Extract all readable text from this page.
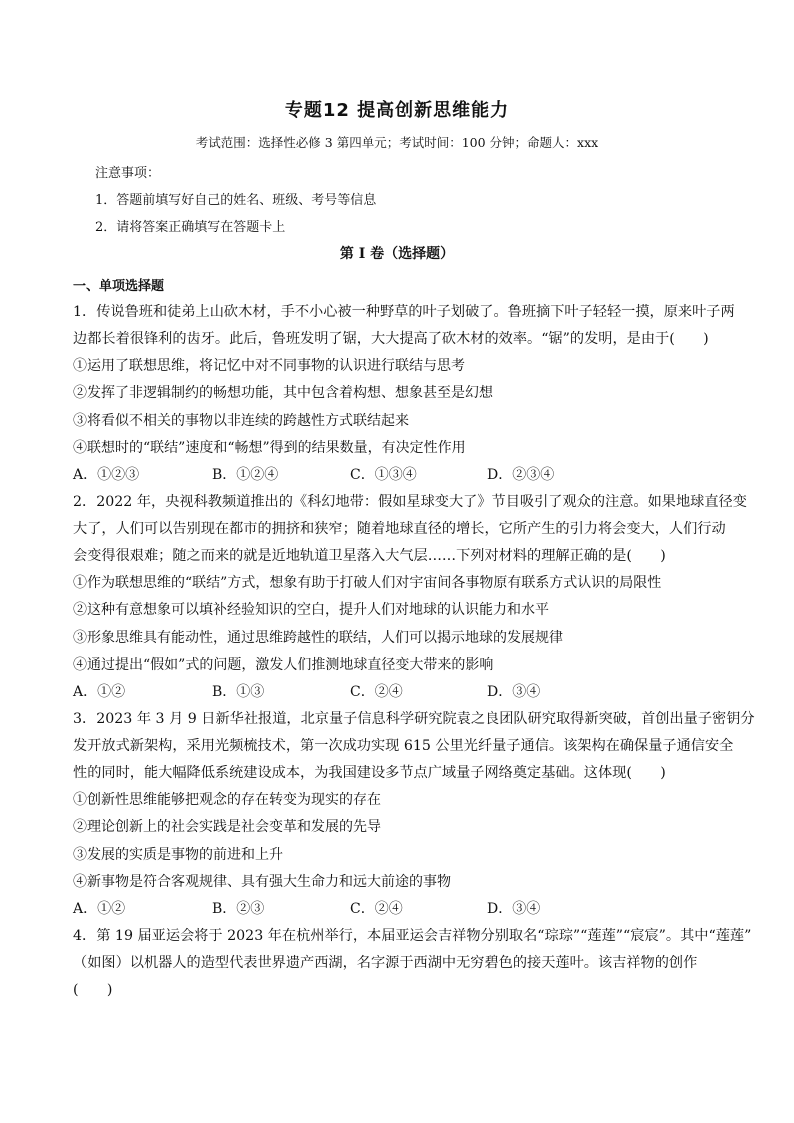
专题12 提高创新思维能力
考试范围：选择性必修 3 第四单元；考试时间：100 分钟；命题人：xxx
注意事项：
1．答题前填写好自己的姓名、班级、考号等信息
2．请将答案正确填写在答题卡上
第 I 卷（选择题）
一、单项选择题
1．传说鲁班和徒弟上山砍木材，手不小心被一种野草的叶子划破了。鲁班摘下叶子轻轻一摸，原来叶子两
边都长着很锋利的齿牙。此后，鲁班发明了锯，大大提高了砍木材的效率。“锯”的发明，是由于(　　)
①运用了联想思维，将记忆中对不同事物的认识进行联结与思考
②发挥了非逻辑制约的畅想功能，其中包含着构想、想象甚至是幻想
③将看似不相关的事物以非连续的跨越性方式联结起来
④联想时的“联结”速度和“畅想”得到的结果数量，有决定性作用
A．①②③	B．①②④	C．①③④	D．②③④
2．2022 年，央视科教频道推出的《科幻地带：假如星球变大了》节目吸引了观众的注意。如果地球直径变
大了，人们可以告别现在都市的拥挤和狭窄；随着地球直径的增长，它所产生的引力将会变大，人们行动
会变得很艰难；随之而来的就是近地轨道卫星落入大气层……下列对材料的理解正确的是(　　)
①作为联想思维的“联结”方式，想象有助于打破人们对宇宙间各事物原有联系方式认识的局限性
②这种有意想象可以填补经验知识的空白，提升人们对地球的认识能力和水平
③形象思维具有能动性，通过思维跨越性的联结，人们可以揭示地球的发展规律
④通过提出“假如”式的问题，激发人们推测地球直径变大带来的影响
A．①②	B．①③	C．②④	D．③④
3．2023 年 3 月 9 日新华社报道，北京量子信息科学研究院袁之良团队研究取得新突破，首创出量子密钥分
发开放式新架构，采用光频梳技术，第一次成功实现 615 公里光纤量子通信。该架构在确保量子通信安全
性的同时，能大幅降低系统建设成本，为我国建设多节点广域量子网络奠定基础。这体现(　　)
①创新性思维能够把观念的存在转变为现实的存在
②理论创新上的社会实践是社会变革和发展的先导
③发展的实质是事物的前进和上升
④新事物是符合客观规律、具有强大生命力和远大前途的事物
A．①②	B．②③	C．②④	D．③④
4．第 19 届亚运会将于 2023 年在杭州举行，本届亚运会吉祥物分别取名“琮琮”“莲莲”“宸宸”。其中“莲莲”
（如图）以机器人的造型代表世界遗产西湖，名字源于西湖中无穷碧色的接天莲叶。该吉祥物的创作
(　　)
